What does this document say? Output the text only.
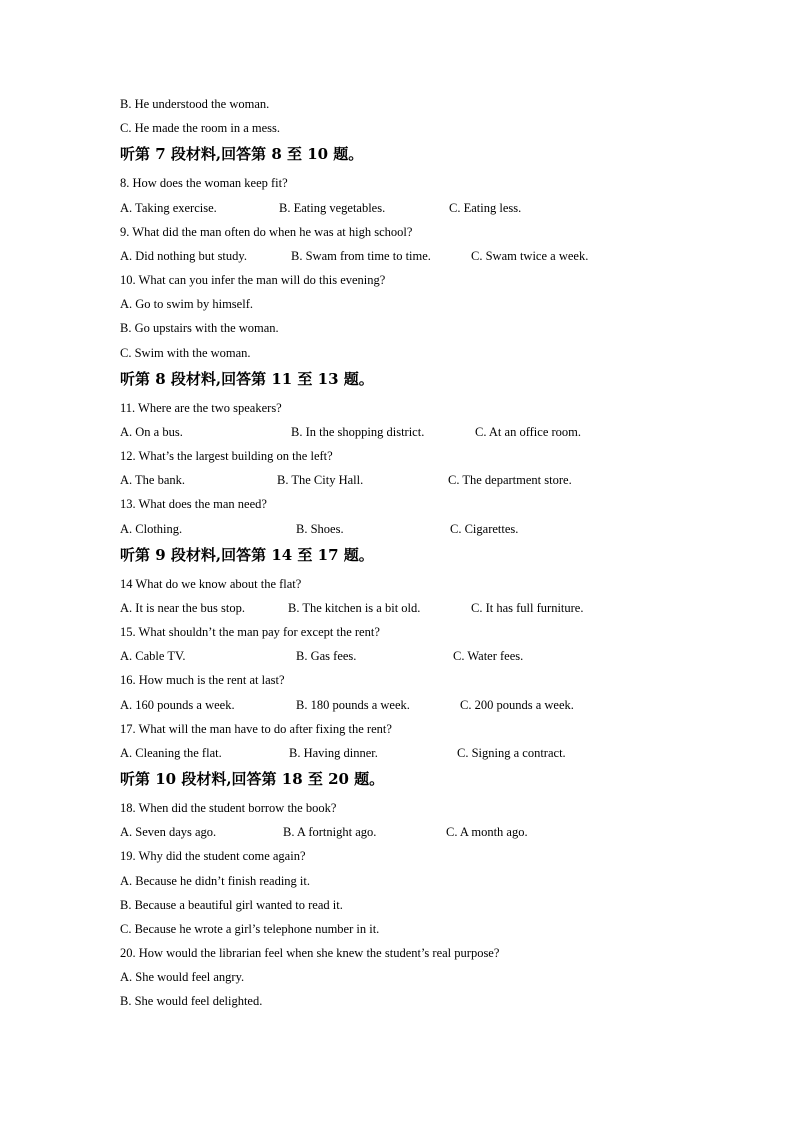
B. He understood the woman.
C. He made the room in a mess.
听第 7 段材料,回答第 8 至 10 题。
8. How does the woman keep fit?
A. Taking exercise.	B. Eating vegetables.	C. Eating less.
9. What did the man often do when he was at high school?
A. Did nothing but study.	B. Swam from time to time.	C. Swam twice a week.
10. What can you infer the man will do this evening?
A. Go to swim by himself.
B. Go upstairs with the woman.
C. Swim with the woman.
听第 8 段材料,回答第 11 至 13 题。
11. Where are the two speakers?
A. On a bus.	B. In the shopping district.	C. At an office room.
12. What’s the largest building on the left?
A. The bank.	B. The City Hall.	C. The department store.
13. What does the man need?
A. Clothing.	B. Shoes.	C. Cigarettes.
听第 9 段材料,回答第 14 至 17 题。
14 What do we know about the flat?
A. It is near the bus stop.	B. The kitchen is a bit old.	C. It has full furniture.
15. What shouldn’t the man pay for except the rent?
A. Cable TV.	B. Gas fees.	C. Water fees.
16. How much is the rent at last?
A. 160 pounds a week.	B. 180 pounds a week.	C. 200 pounds a week.
17. What will the man have to do after fixing the rent?
A. Cleaning the flat.	B. Having dinner.	C. Signing a contract.
听第 10 段材料,回答第 18 至 20 题。
18. When did the student borrow the book?
A. Seven days ago.	B. A fortnight ago.	C. A month ago.
19. Why did the student come again?
A. Because he didn’t finish reading it.
B. Because a beautiful girl wanted to read it.
C. Because he wrote a girl’s telephone number in it.
20. How would the librarian feel when she knew the student’s real purpose?
A. She would feel angry.
B. She would feel delighted.
